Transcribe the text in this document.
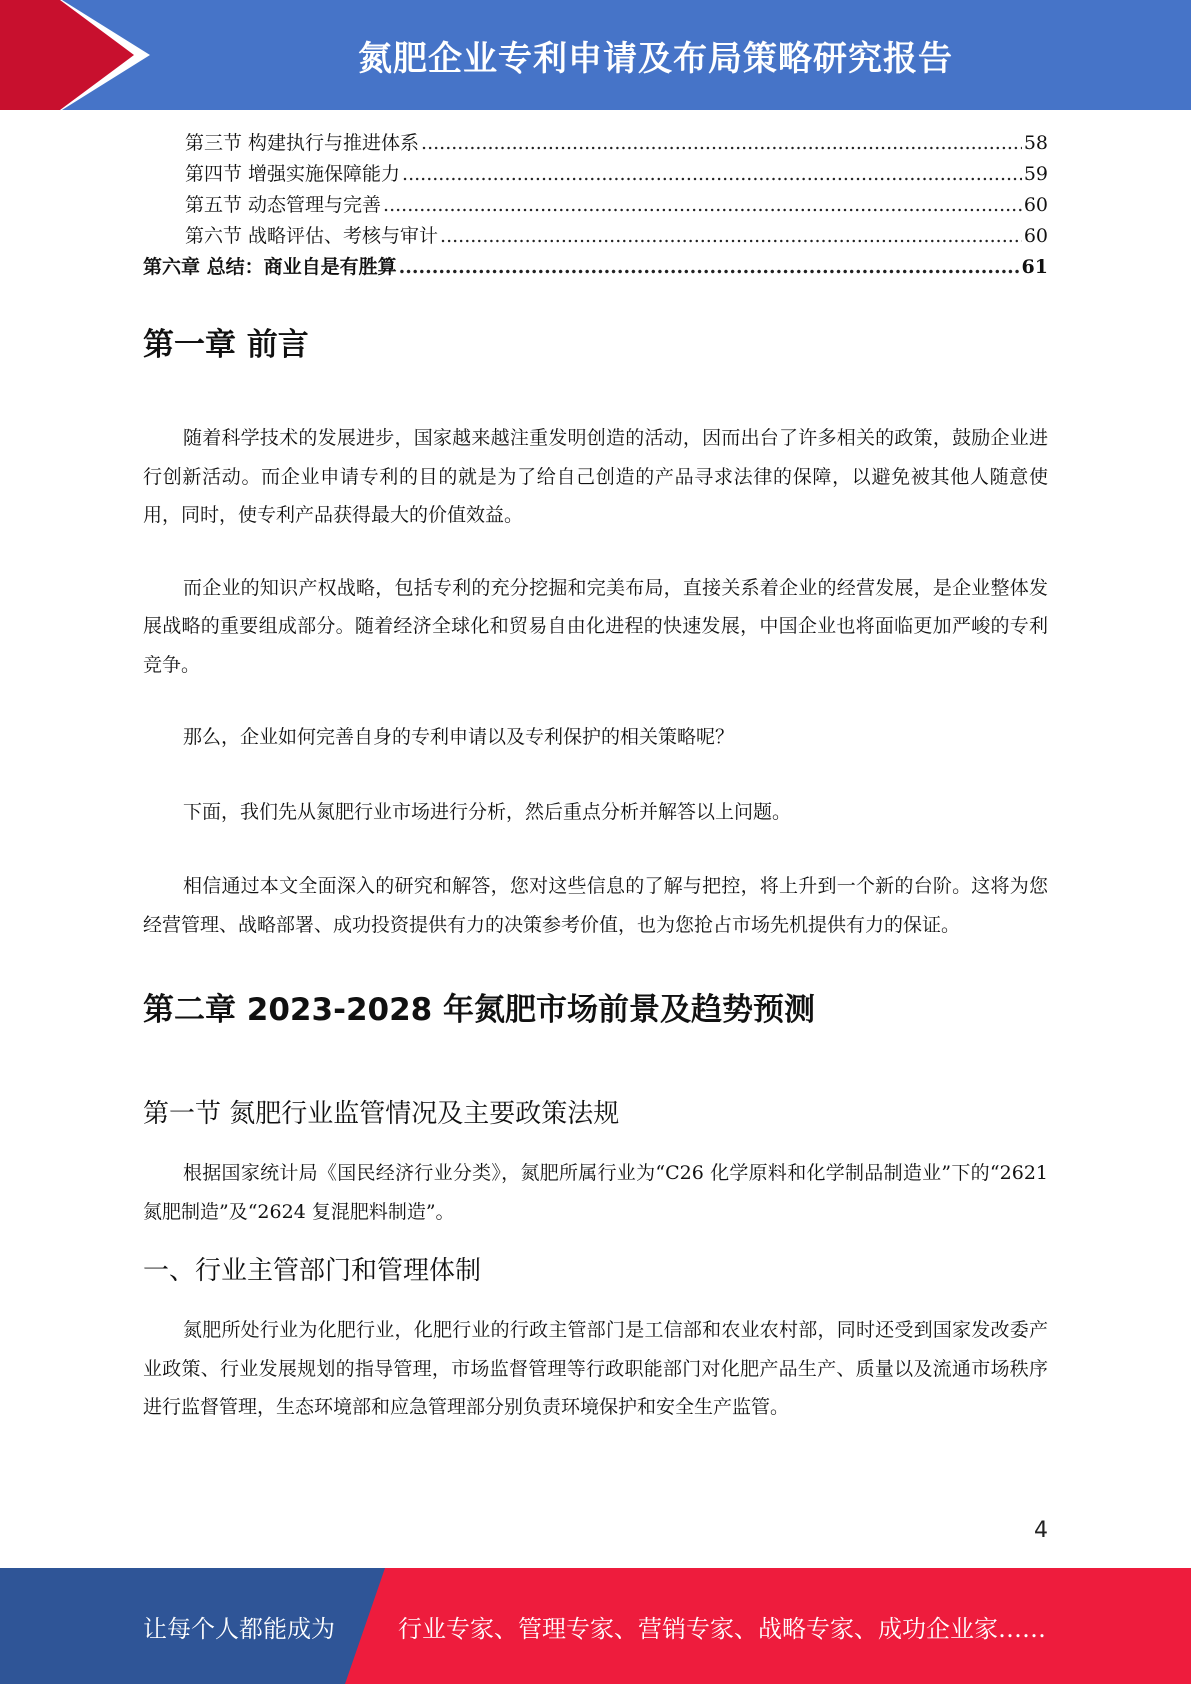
氮肥企业专利申请及布局策略研究报告
第三节 构建执行与推进体系 .....	58
第四节 增强实施保障能力 .....	59
第五节 动态管理与完善 .....	60
第六节 战略评估、考核与审计 .....	60
第六章 总结：商业自是有胜算 .....	61
第一章 前言

随着科学技术的发展进步，国家越来越注重发明创造的活动，因而出台了许多相关的政策，鼓励企业进行创新活动。而企业申请专利的目的就是为了给自己创造的产品寻求法律的保障，以避免被其他人随意使用，同时，使专利产品获得最大的价值效益。

而企业的知识产权战略，包括专利的充分挖掘和完美布局，直接关系着企业的经营发展，是企业整体发展战略的重要组成部分。随着经济全球化和贸易自由化进程的快速发展，中国企业也将面临更加严峻的专利竞争。

那么，企业如何完善自身的专利申请以及专利保护的相关策略呢？

下面，我们先从氮肥行业市场进行分析，然后重点分析并解答以上问题。

相信通过本文全面深入的研究和解答，您对这些信息的了解与把控，将上升到一个新的台阶。这将为您经营管理、战略部署、成功投资提供有力的决策参考价值，也为您抢占市场先机提供有力的保证。

第二章 2023-2028 年氮肥市场前景及趋势预测
第一节 氮肥行业监管情况及主要政策法规

根据国家统计局《国民经济行业分类》，氮肥所属行业为“C26 化学原料和化学制品制造业”下的“2621 氮肥制造”及“2624 复混肥料制造”。

一、行业主管部门和管理体制

氮肥所处行业为化肥行业，化肥行业的行政主管部门是工信部和农业农村部，同时还受到国家发改委产业政策、行业发展规划的指导管理，市场监督管理等行政职能部门对化肥产品生产、质量以及流通市场秩序进行监督管理，生态环境部和应急管理部分别负责环境保护和安全生产监管。

4
让每个人都能成为	行业专家、管理专家、营销专家、战略专家、成功企业家……
